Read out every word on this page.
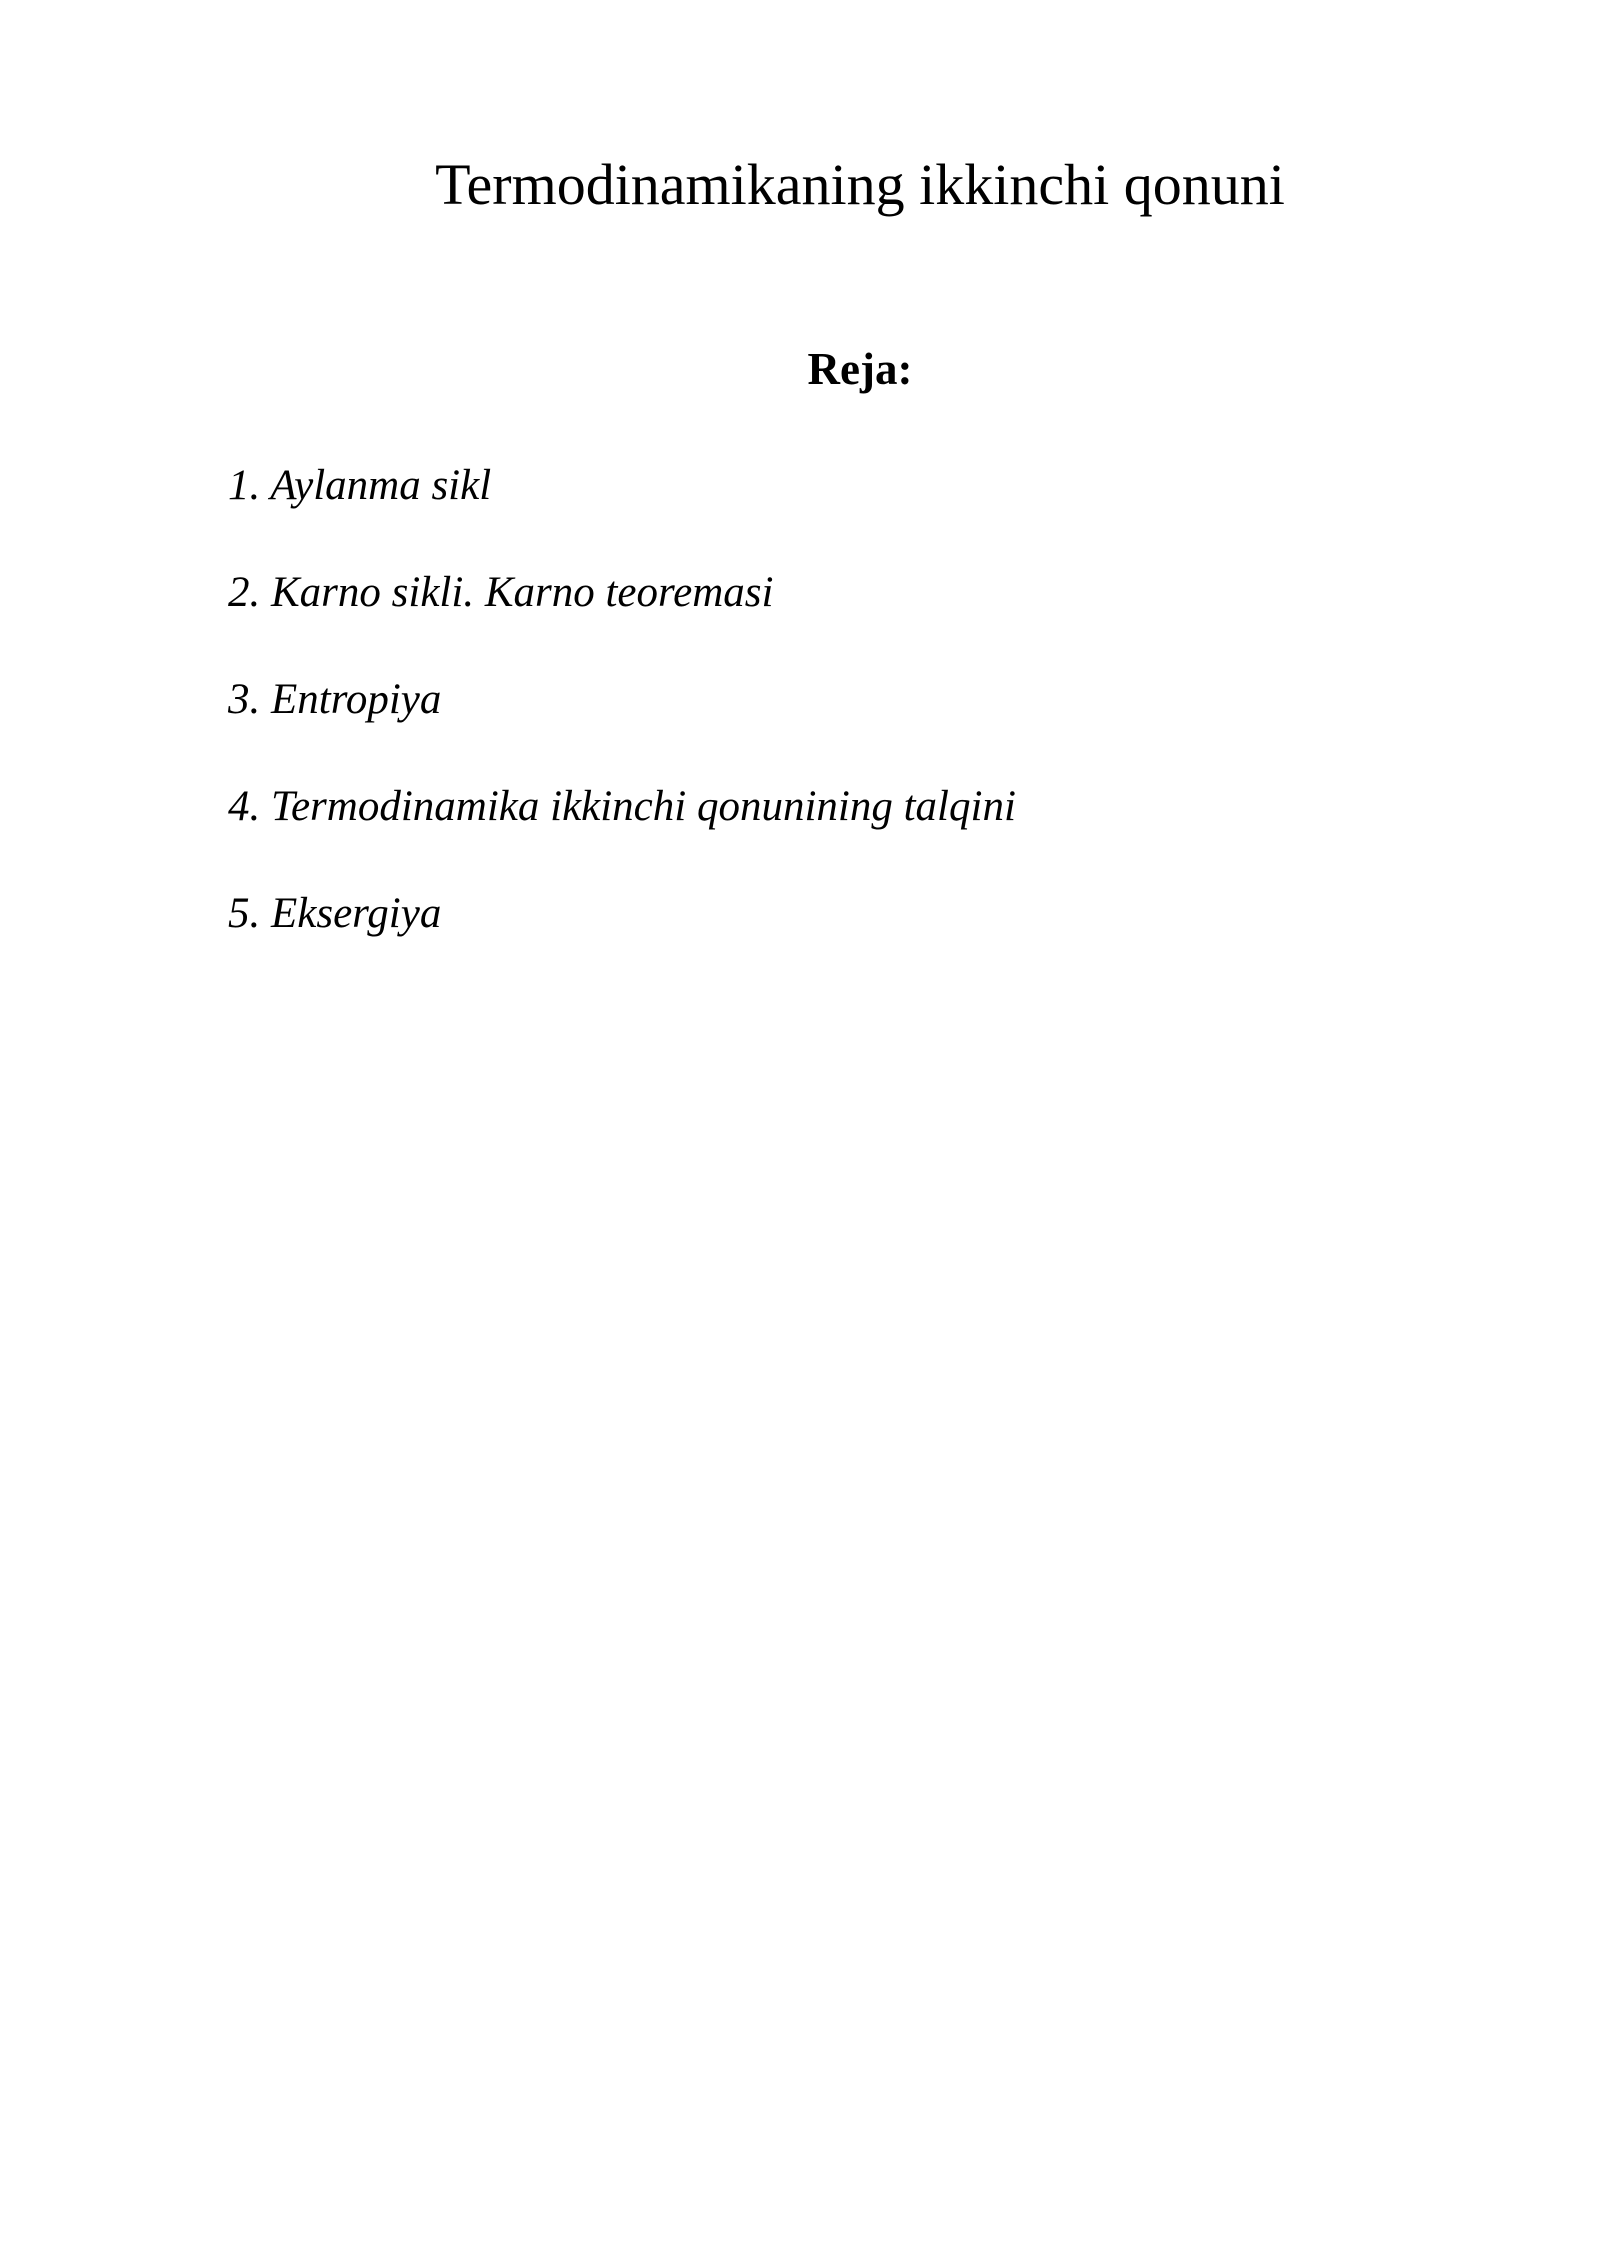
Termodinamikaning ikkinchi qonuni
Reja:
1. Aylanma sikl
2. Karno sikli. Karno teoremasi
3. Entropiya
4. Termodinamika ikkinchi qonunining talqini
5. Eksergiya
